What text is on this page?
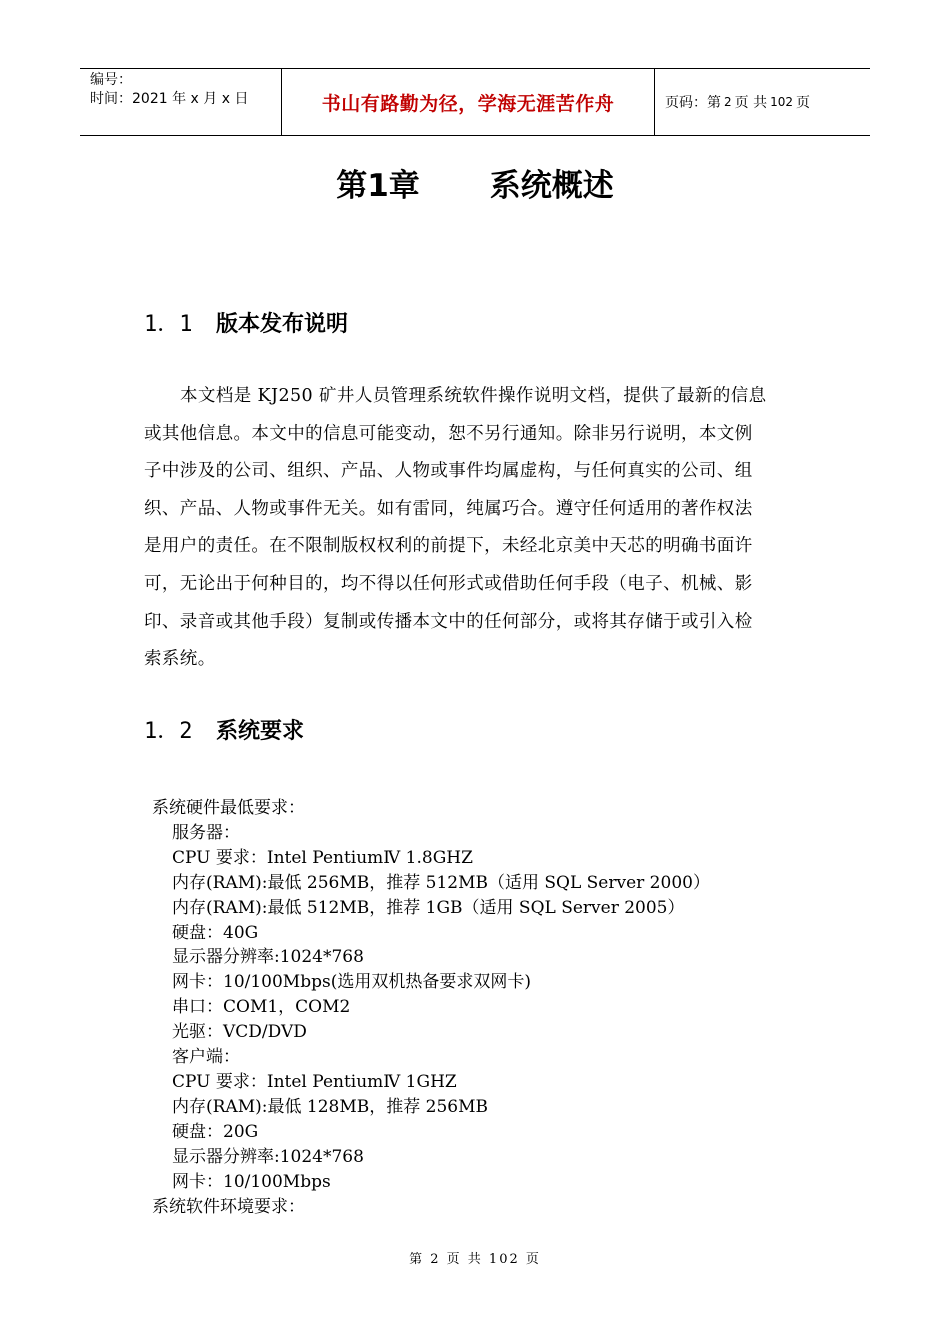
编号：
时间：2021 年 x 月 x 日	书山有路勤为径，学海无涯苦作舟	页码：第 2 页 共 102 页
第1章 系统概述
1．1 版本发布说明
本文档是 KJ250 矿井人员管理系统软件操作说明文档，提供了最新的信息
或其他信息。本文中的信息可能变动，恕不另行通知。除非另行说明，本文例
子中涉及的公司、组织、产品、人物或事件均属虚构，与任何真实的公司、组
织、产品、人物或事件无关。如有雷同，纯属巧合。遵守任何适用的著作权法
是用户的责任。在不限制版权权利的前提下，未经北京美中天芯的明确书面许
可，无论出于何种目的，均不得以任何形式或借助任何手段（电子、机械、影
印、录音或其他手段）复制或传播本文中的任何部分，或将其存储于或引入检
索系统。
1．2 系统要求
系统硬件最低要求：
服务器：
CPU 要求：Intel PentiumⅣ 1.8GHZ
内存(RAM):最低 256MB，推荐 512MB（适用 SQL Server 2000）
内存(RAM):最低 512MB，推荐 1GB（适用 SQL Server 2005）
硬盘：40G
显示器分辨率:1024*768
网卡：10/100Mbps(选用双机热备要求双网卡)
串口：COM1，COM2
光驱：VCD/DVD
客户端：
CPU 要求：Intel PentiumⅣ 1GHZ
内存(RAM):最低 128MB，推荐 256MB
硬盘：20G
显示器分辨率:1024*768
网卡：10/100Mbps
系统软件环境要求：
第 2 页 共 102 页
